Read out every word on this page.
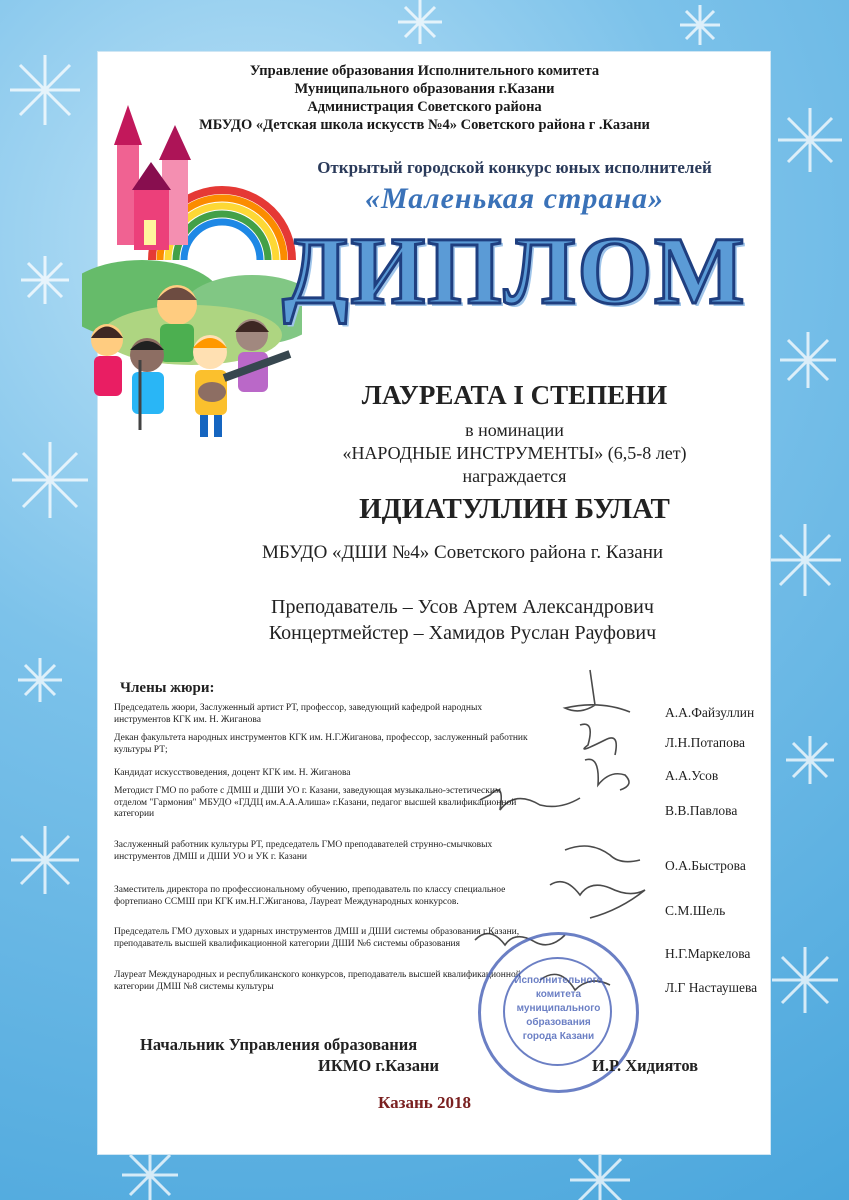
Управление образования Исполнительного комитета
Муниципального образования г.Казани
Администрация Советского района
МБУДО «Детская школа искусств №4» Советского района г .Казани
Открытый городской конкурс юных исполнителей
«Маленькая страна»
ДИПЛОМ
ЛАУРЕАТА I СТЕПЕНИ
в номинации
«НАРОДНЫЕ ИНСТРУМЕНТЫ» (6,5-8 лет)
награждается
ИДИАТУЛЛИН БУЛАТ
МБУДО «ДШИ №4» Советского района г. Казани
Преподаватель – Усов Артем Александрович
Концертмейстер – Хамидов Руслан Рауфович
Члены жюри:
Председатель жюри, Заслуженный артист РТ, профессор, заведующий кафедрой народных инструментов КГК им. Н. Жиганова
Декан факультета народных инструментов КГК им. Н.Г.Жиганова, профессор, заслуженный работник культуры РТ;
Кандидат искусствоведения, доцент КГК им. Н. Жиганова
Методист ГМО по работе с ДМШ и ДШИ УО г. Казани, заведующая музыкально-эстетическим отделом "Гармония" МБУДО «ГДДЦ им.А.А.Алиша» г.Казани, педагог высшей квалификационной категории
Заслуженный работник культуры РТ, председатель ГМО преподавателей струнно-смычковых инструментов ДМШ и ДШИ УО и УК г. Казани
Заместитель директора по профессиональному обучению, преподаватель по классу специальное фортепиано ССМШ при КГК им.Н.Г.Жиганова, Лауреат Международных конкурсов.
Председатель ГМО духовых и ударных инструментов ДМШ и ДШИ системы образования г.Казани, преподаватель высшей квалификационной категории ДШИ №6 системы образования
Лауреат Международных и республиканского конкурсов, преподаватель высшей квалификационной категории ДМШ №8 системы культуры
А.А.Файзуллин
Л.Н.Потапова
А.А.Усов
В.В.Павлова
О.А.Быстрова
С.М.Шель
Н.Г.Маркелова
Л.Г Настаушева
Исполнительного
комитета
муниципального
образования
города Казани
Начальник Управления образования
ИКМО г.Казани	И.Р. Хидиятов
Казань 2018
